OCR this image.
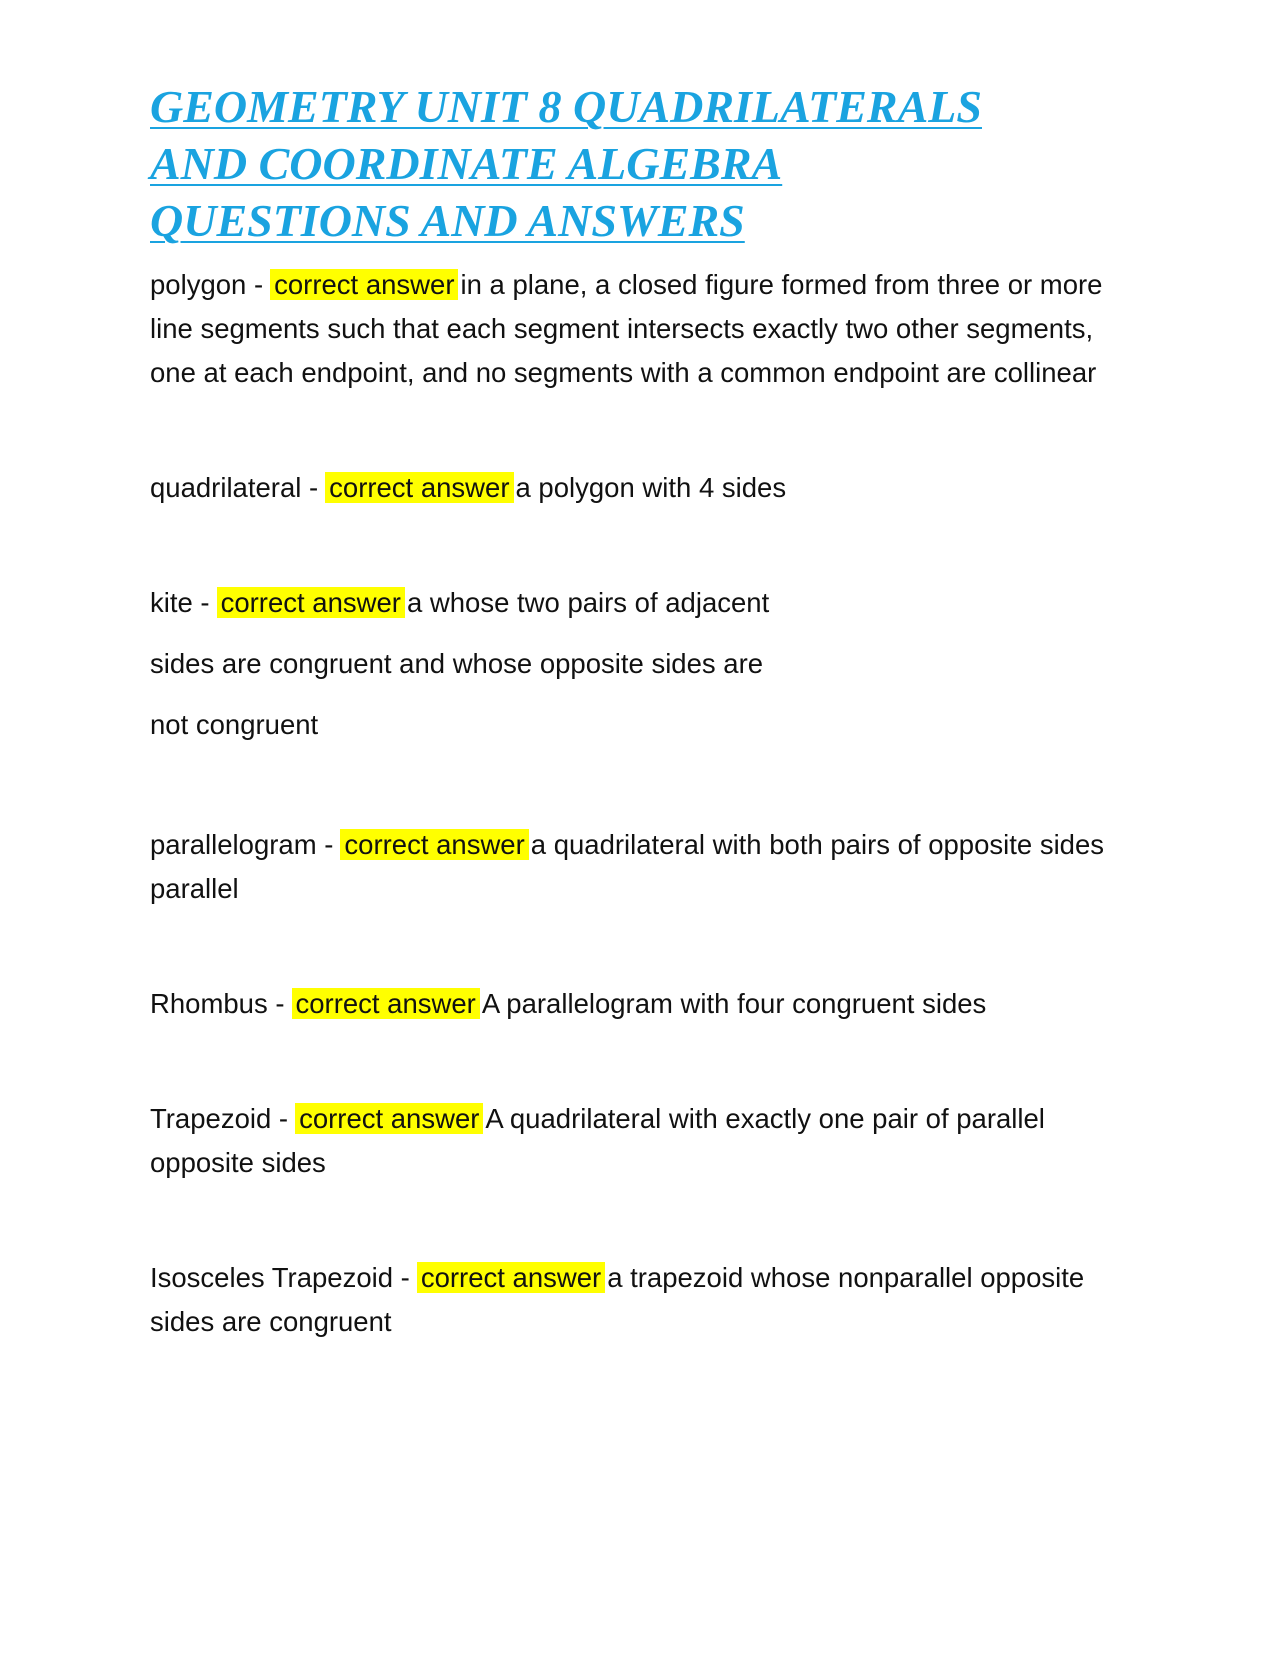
GEOMETRY UNIT 8 QUADRILATERALS
AND COORDINATE ALGEBRA
QUESTIONS AND ANSWERS

polygon - correct answer in a plane, a closed figure formed from three or more line segments such that each segment intersects exactly two other segments, one at each endpoint, and no segments with a common endpoint are collinear

quadrilateral - correct answer a polygon with 4 sides

kite - correct answer a whose two pairs of adjacent
sides are congruent and whose opposite sides are
not congruent

parallelogram - correct answer a quadrilateral with both pairs of opposite sides parallel

Rhombus - correct answer A parallelogram with four congruent sides

Trapezoid - correct answer A quadrilateral with exactly one pair of parallel opposite sides

Isosceles Trapezoid - correct answer a trapezoid whose nonparallel opposite sides are congruent
